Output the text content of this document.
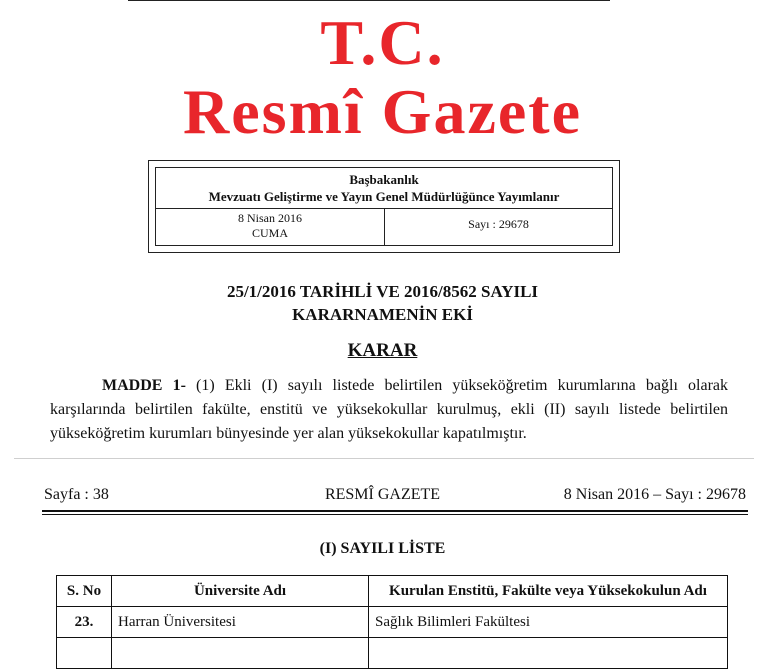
T.C.
Resmî Gazete
Başbakanlık
Mevzuatı Geliştirme ve Yayın Genel Müdürlüğünce Yayımlanır
8 Nisan 2016
CUMA
Sayı : 29678
25/1/2016 TARİHLİ VE 2016/8562 SAYILI
KARARNAMENİN EKİ
KARAR
MADDE 1- (1) Ekli (I) sayılı listede belirtilen yükseköğretim kurumlarına bağlı olarak karşılarında belirtilen fakülte, enstitü ve yüksekokullar kurulmuş, ekli (II) sayılı listede belirtilen yükseköğretim kurumları bünyesinde yer alan yüksekokullar kapatılmıştır.
RESMÎ GAZETE
Sayfa : 38	8 Nisan 2016 – Sayı : 29678
(I) SAYILI LİSTE
S. No	Üniversite Adı	Kurulan Enstitü, Fakülte veya Yüksekokulun Adı
23.	Harran Üniversitesi	Sağlık Bilimleri Fakültesi
